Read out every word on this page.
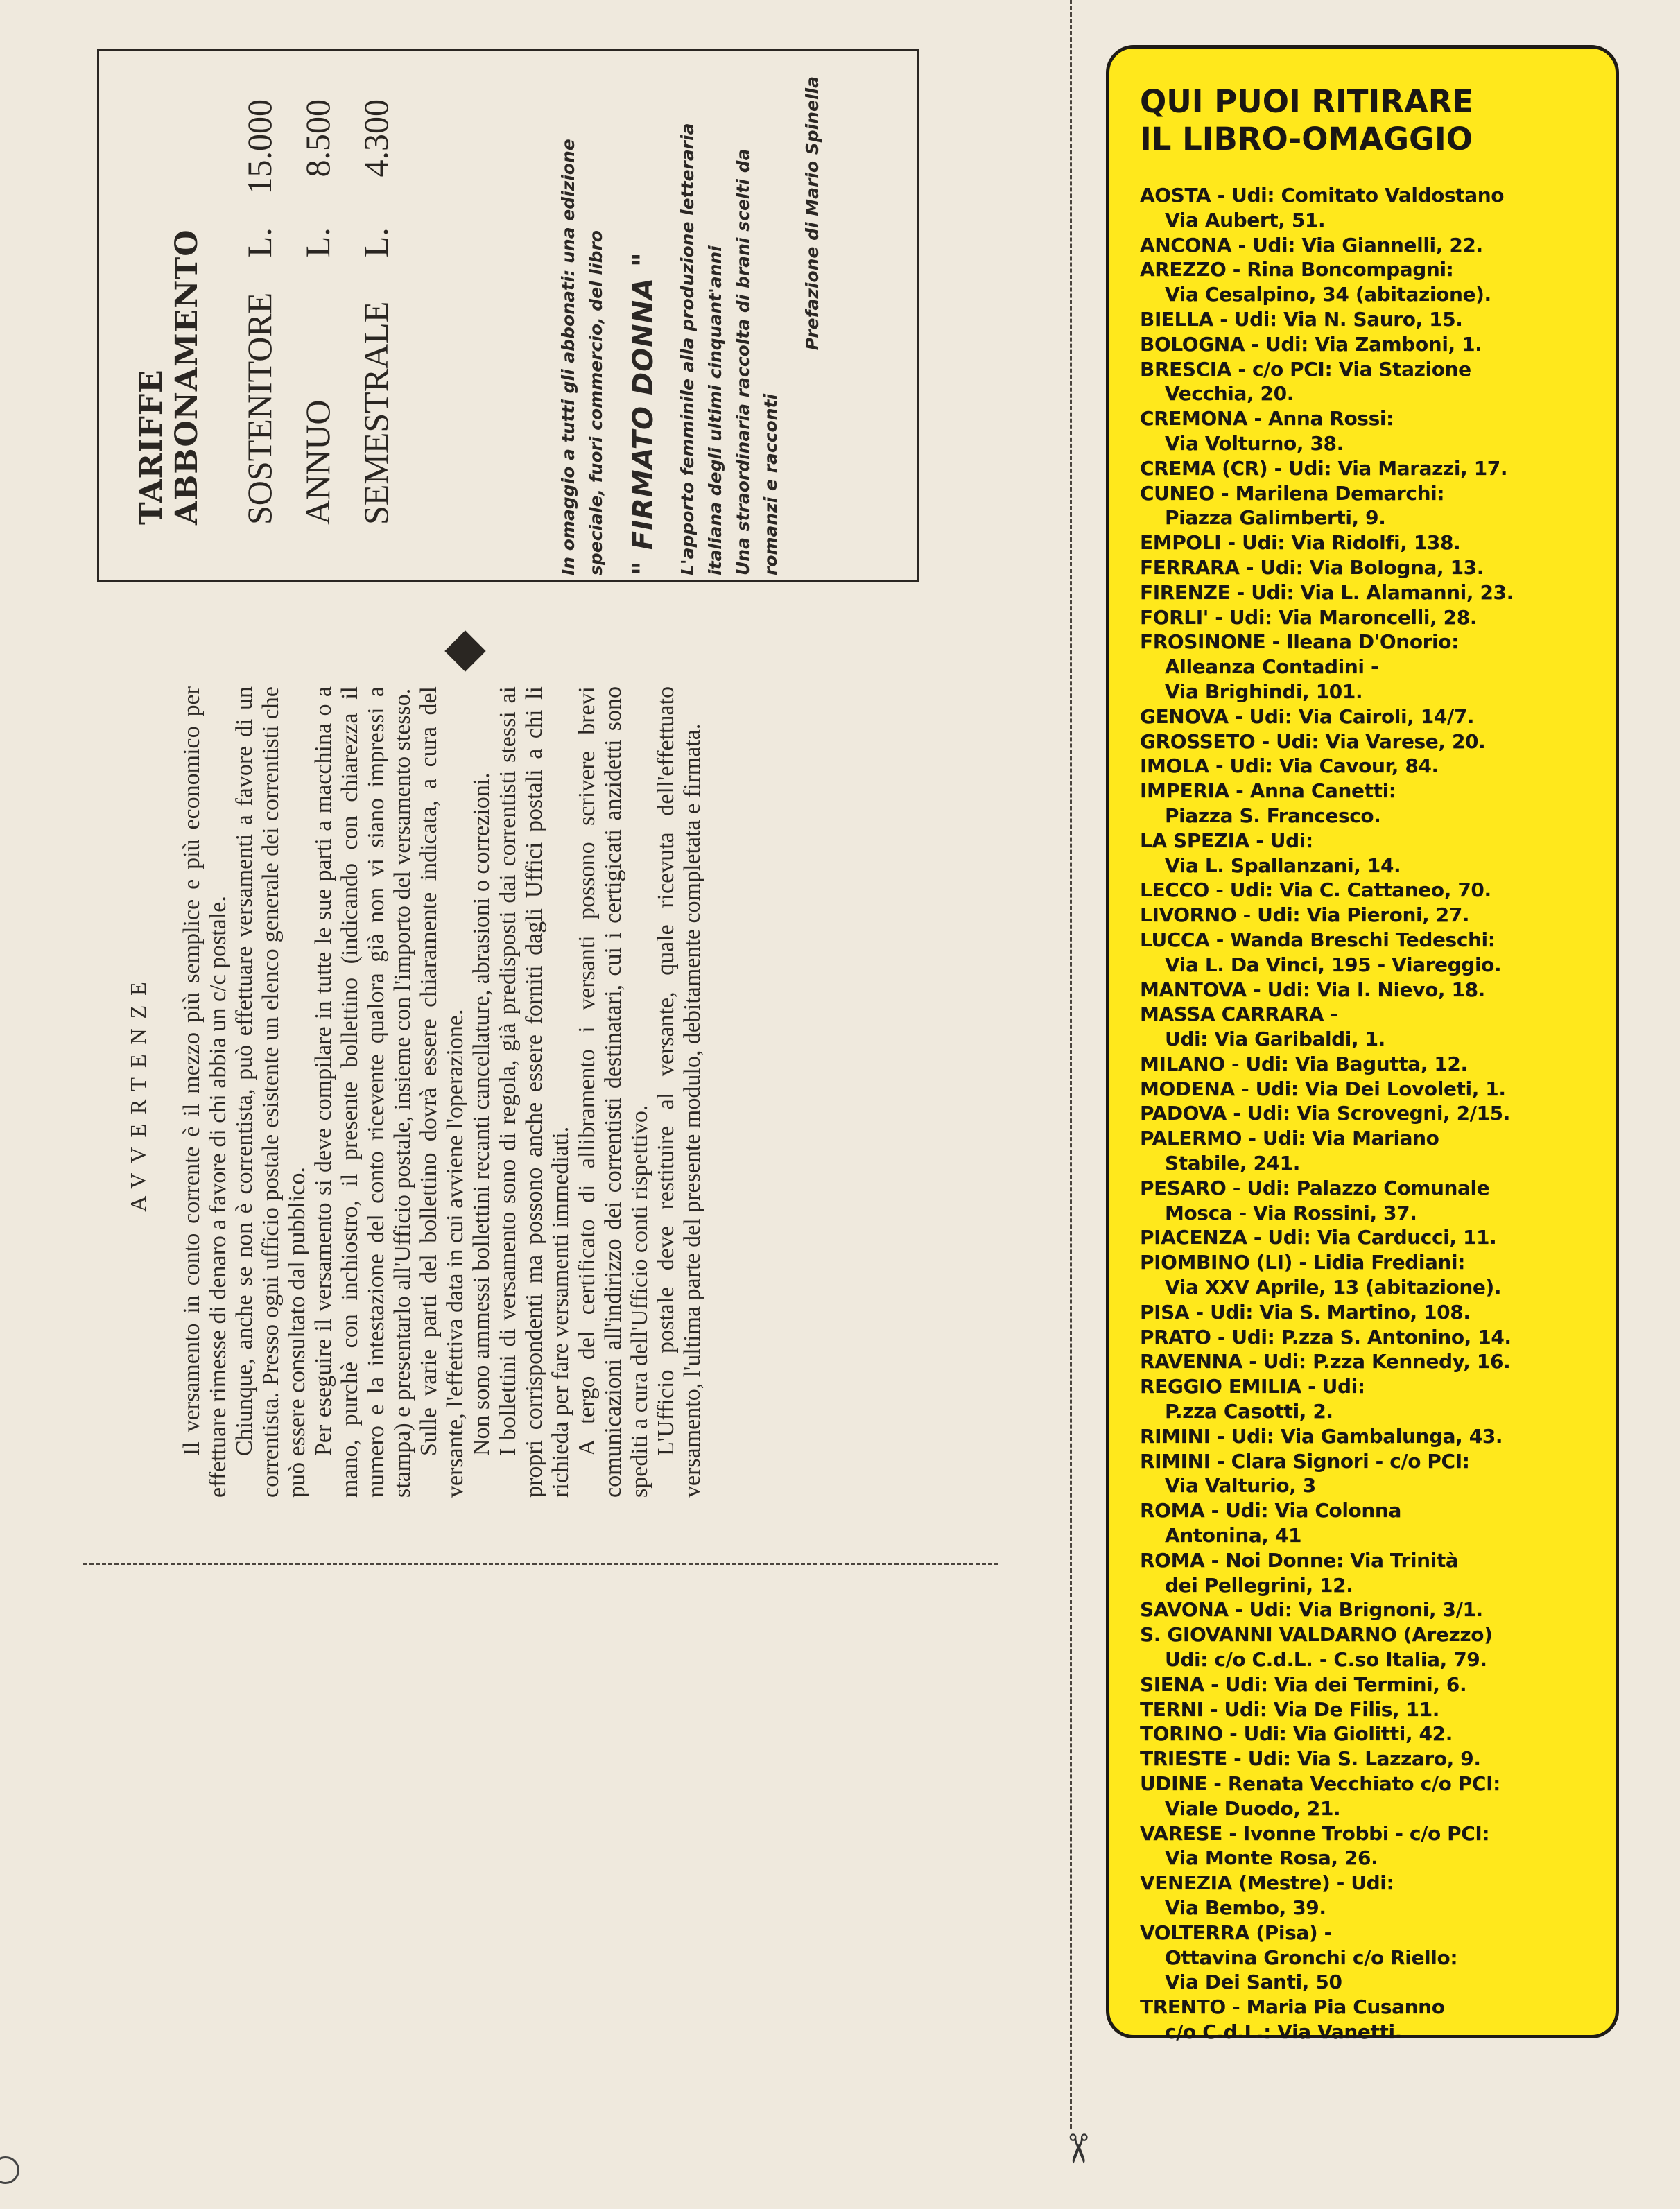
TARIFFE ABBONAMENTO SOSTENITORE	L.	15.000
ANNUO	L.	8.500
SEMESTRALE	L.	4.300
In omaggio a tutti gli abbonati: una edizione speciale, fuori commercio, del libro " FIRMATO DONNA " L'apporto femminile alla produzione letteraria italiana degli ultimi cinquant'anni Una straordinaria raccolta di brani scelti da romanzi e racconti
Prefazione di Mario Spinella
AVVERTENZE Il versamento in conto corrente è il mezzo più semplice e più economico per effettuare rimesse di denaro a favore di chi abbia un c/c postale. Chiunque, anche se non è correntista, può effettuare versamenti a favore di un correntista. Presso ogni ufficio postale esistente un elenco generale dei correntisti che può essere consultato dal pubblico. Per eseguire il versamento si deve compilare in tutte le sue parti a macchina o a mano, purchè con inchiostro, il presente bollettino (indicando con chiarezza il numero e la intestazione del conto ricevente qualora già non vi siano impressi a stampa) e presentarlo all'Ufficio postale, insieme con l'importo del versamento stesso. Sulle varie parti del bollettino dovrà essere chiaramente indicata, a cura del versante, l'effettiva data in cui avviene l'operazione. Non sono ammessi bollettini recanti cancellature, abrasioni o correzioni. I bollettini di versamento sono di regola, già predisposti dai correntisti stessi ai propri corrispondenti ma possono anche essere forniti dagli Uffici postali a chi li richieda per fare versamenti immediati. A tergo del certificato di allibramento i versanti possono scrivere brevi comunicazioni all'indirizzo dei correntisti destinatari, cui i certigicati anzidetti sono spediti a cura dell'Ufficio conti rispettivo. L'Ufficio postale deve restituire al versante, quale ricevuta dell'effettuato versamento, l'ultima parte del presente modulo, debitamente completata e firmata.

✂
QUI PUOI RITIRARE
IL LIBRO-OMAGGIO
AOSTA - Udi: Comitato Valdostano
Via Aubert, 51.
ANCONA - Udi: Via Giannelli, 22.
AREZZO - Rina Boncompagni:
Via Cesalpino, 34 (abitazione).
BIELLA - Udi: Via N. Sauro, 15.
BOLOGNA - Udi: Via Zamboni, 1.
BRESCIA - c/o PCI: Via Stazione
Vecchia, 20.
CREMONA - Anna Rossi:
Via Volturno, 38.
CREMA (CR) - Udi: Via Marazzi, 17.
CUNEO - Marilena Demarchi:
Piazza Galimberti, 9.
EMPOLI - Udi: Via Ridolfi, 138.
FERRARA - Udi: Via Bologna, 13.
FIRENZE - Udi: Via L. Alamanni, 23.
FORLI' - Udi: Via Maroncelli, 28.
FROSINONE - Ileana D'Onorio:
Alleanza Contadini -
Via Brighindi, 101.
GENOVA - Udi: Via Cairoli, 14/7.
GROSSETO - Udi: Via Varese, 20.
IMOLA - Udi: Via Cavour, 84.
IMPERIA - Anna Canetti:
Piazza S. Francesco.
LA SPEZIA - Udi:
Via L. Spallanzani, 14.
LECCO - Udi: Via C. Cattaneo, 70.
LIVORNO - Udi: Via Pieroni, 27.
LUCCA - Wanda Breschi Tedeschi:
Via L. Da Vinci, 195 - Viareggio.
MANTOVA - Udi: Via I. Nievo, 18.
MASSA CARRARA -
Udi: Via Garibaldi, 1.
MILANO - Udi: Via Bagutta, 12.
MODENA - Udi: Via Dei Lovoleti, 1.
PADOVA - Udi: Via Scrovegni, 2/15.
PALERMO - Udi: Via Mariano
Stabile, 241.
PESARO - Udi: Palazzo Comunale
Mosca - Via Rossini, 37.
PIACENZA - Udi: Via Carducci, 11.
PIOMBINO (LI) - Lidia Frediani:
Via XXV Aprile, 13 (abitazione).
PISA - Udi: Via S. Martino, 108.
PRATO - Udi: P.zza S. Antonino, 14.
RAVENNA - Udi: P.zza Kennedy, 16.
REGGIO EMILIA - Udi:
P.zza Casotti, 2.
RIMINI - Udi: Via Gambalunga, 43.
RIMINI - Clara Signori - c/o PCI:
Via Valturio, 3
ROMA - Udi: Via Colonna
Antonina, 41
ROMA - Noi Donne: Via Trinità
dei Pellegrini, 12.
SAVONA - Udi: Via Brignoni, 3/1.
S. GIOVANNI VALDARNO (Arezzo)
Udi: c/o C.d.L. - C.so Italia, 79.
SIENA - Udi: Via dei Termini, 6.
TERNI - Udi: Via De Filis, 11.
TORINO - Udi: Via Giolitti, 42.
TRIESTE - Udi: Via S. Lazzaro, 9.
UDINE - Renata Vecchiato c/o PCI:
Viale Duodo, 21.
VARESE - Ivonne Trobbi - c/o PCI:
Via Monte Rosa, 26.
VENEZIA (Mestre) - Udi:
Via Bembo, 39.
VOLTERRA (Pisa) -
Ottavina Gronchi c/o Riello:
Via Dei Santi, 50
TRENTO - Maria Pia Cusanno
c/o C.d.L.: Via Vanetti.
